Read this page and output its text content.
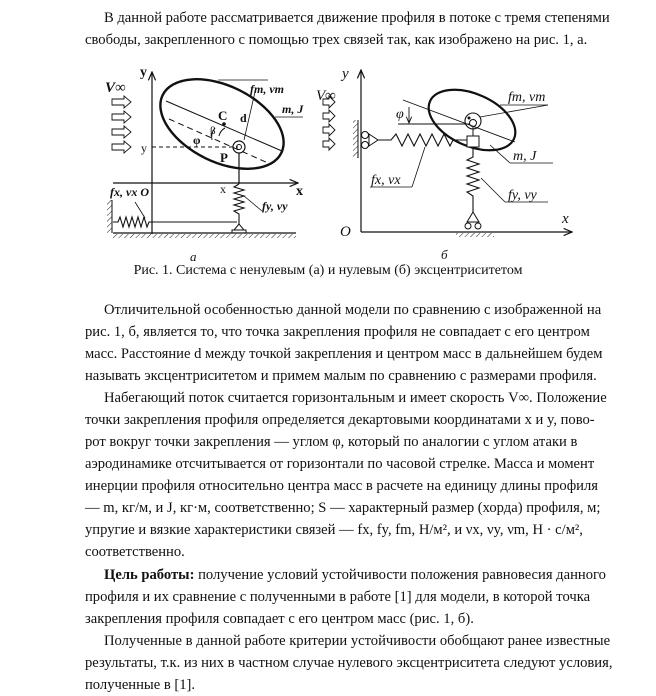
В данной работе рассматривается движение профиля в потоке с тремя степенями
свободы, закрепленного с помощью трех связей так, как изображено на рис. 1, а.
V∞
y
x
y
x
fm, νm
m, J
C d
β
φ
P
fx, νx O
fy, νy
а
V∞
y
x
O
φ
fm, νm
m, J
fx, νx
fy, νy
б
Рис. 1. Система с ненулевым (а) и нулевым (б) эксцентриситетом
Отличительной особенностью данной модели по сравнению с изображенной на
рис. 1, б, является то, что точка закрепления профиля не совпадает с его центром
масс. Расстояние d между точкой закрепления и центром масс в дальнейшем будем
называть эксцентриситетом и примем малым по сравнению с размерами профиля.
Набегающий поток считается горизонтальным и имеет скорость V∞. Положение
точки закрепления профиля определяется декартовыми координатами x и y, пово-
рот вокруг точки закрепления — углом φ, который по аналогии с углом атаки в
аэродинамике отсчитывается от горизонтали по часовой стрелке. Масса и момент
инерции профиля относительно центра масс в расчете на единицу длины профиля
— m, кг/м, и J, кг·м, соответственно; S — характерный размер (хорда) профиля, м;
упругие и вязкие характеристики связей — fx, fy, fm, Н/м², и νx, νy, νm, Н · с/м²,
соответственно.
Цель работы: получение условий устойчивости положения равновесия данного
профиля и их сравнение с полученными в работе [1] для модели, в которой точка
закрепления профиля совпадает с его центром масс (рис. 1, б).
Полученные в данной работе критерии устойчивости обобщают ранее известные
результаты, т.к. из них в частном случае нулевого эксцентриситета следуют условия,
полученные в [1].
